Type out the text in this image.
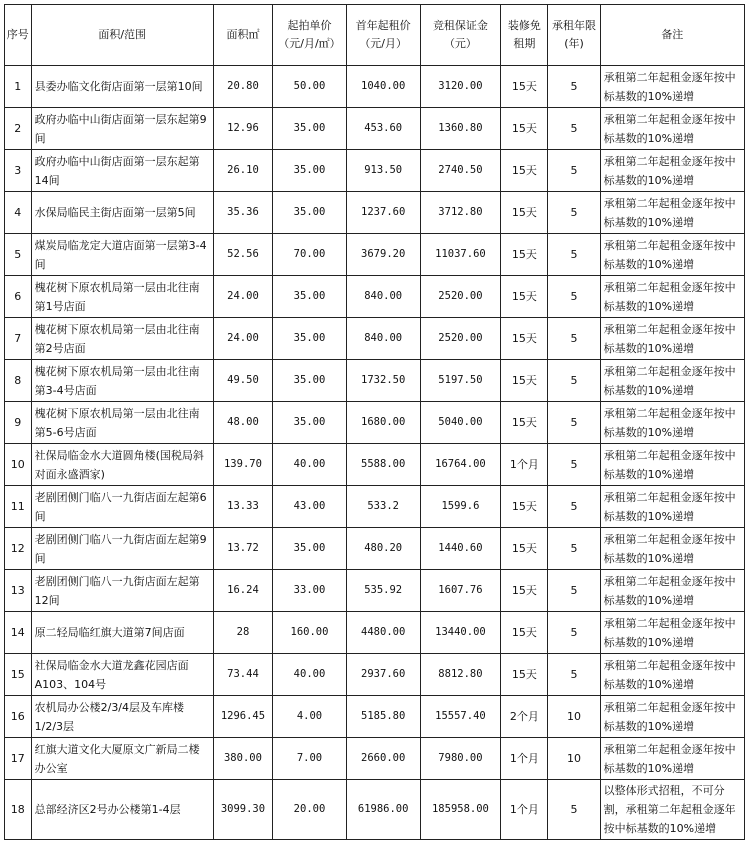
序号	面积/范围	面积㎡	起拍单价（元/月/㎡）	首年起租价（元/月）	竞租保证金（元）	装修免租期	承租年限(年)	备注
1	县委办临文化街店面第一层第10间	20.80	50.00	1040.00	3120.00	15天	5	承租第二年起租金逐年按中标基数的10%递增
2	政府办临中山街店面第一层东起第9间	12.96	35.00	453.60	1360.80	15天	5	承租第二年起租金逐年按中标基数的10%递增
3	政府办临中山街店面第一层东起第14间	26.10	35.00	913.50	2740.50	15天	5	承租第二年起租金逐年按中标基数的10%递增
4	水保局临民主街店面第一层第5间	35.36	35.00	1237.60	3712.80	15天	5	承租第二年起租金逐年按中标基数的10%递增
5	煤炭局临龙定大道店面第一层第3-4间	52.56	70.00	3679.20	11037.60	15天	5	承租第二年起租金逐年按中标基数的10%递增
6	槐花树下原农机局第一层由北往南第1号店面	24.00	35.00	840.00	2520.00	15天	5	承租第二年起租金逐年按中标基数的10%递增
7	槐花树下原农机局第一层由北往南第2号店面	24.00	35.00	840.00	2520.00	15天	5	承租第二年起租金逐年按中标基数的10%递增
8	槐花树下原农机局第一层由北往南第3-4号店面	49.50	35.00	1732.50	5197.50	15天	5	承租第二年起租金逐年按中标基数的10%递增
9	槐花树下原农机局第一层由北往南第5-6号店面	48.00	35.00	1680.00	5040.00	15天	5	承租第二年起租金逐年按中标基数的10%递增
10	社保局临金水大道圆角楼(国税局斜对面永盛酒家)	139.70	40.00	5588.00	16764.00	1个月	5	承租第二年起租金逐年按中标基数的10%递增
11	老剧团侧门临八一九街店面左起第6间	13.33	43.00	533.2	1599.6	15天	5	承租第二年起租金逐年按中标基数的10%递增
12	老剧团侧门临八一九街店面左起第9间	13.72	35.00	480.20	1440.60	15天	5	承租第二年起租金逐年按中标基数的10%递增
13	老剧团侧门临八一九街店面左起第12间	16.24	33.00	535.92	1607.76	15天	5	承租第二年起租金逐年按中标基数的10%递增
14	原二轻局临红旗大道第7间店面	28	160.00	4480.00	13440.00	15天	5	承租第二年起租金逐年按中标基数的10%递增
15	社保局临金水大道龙鑫花园店面A103、104号	73.44	40.00	2937.60	8812.80	15天	5	承租第二年起租金逐年按中标基数的10%递增
16	农机局办公楼2/3/4层及车库楼1/2/3层	1296.45	4.00	5185.80	15557.40	2个月	10	承租第二年起租金逐年按中标基数的10%递增
17	红旗大道文化大厦原文广新局二楼办公室	380.00	7.00	2660.00	7980.00	1个月	10	承租第二年起租金逐年按中标基数的10%递增
18	总部经济区2号办公楼第1-4层	3099.30	20.00	61986.00	185958.00	1个月	5	以整体形式招租，不可分割，承租第二年起租金逐年按中标基数的10%递增
